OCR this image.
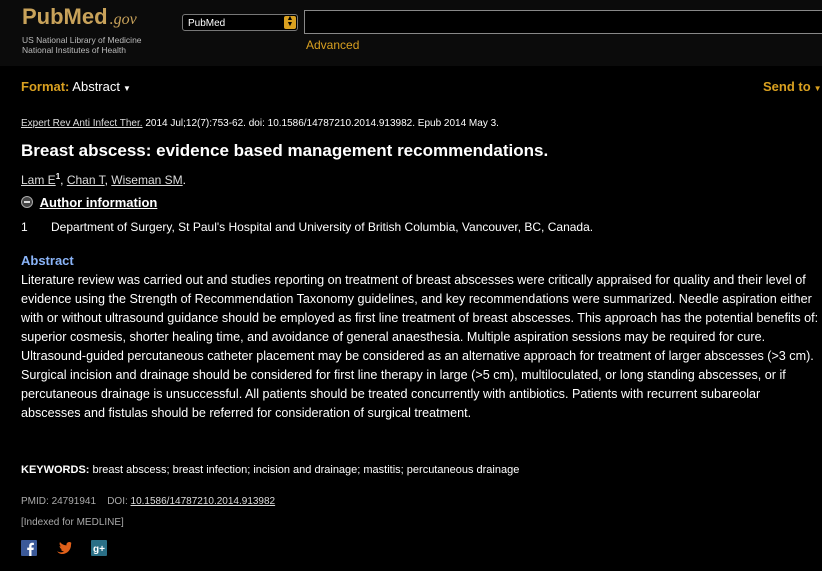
PubMed .gov
US National Library of Medicine
National Institutes of Health
PubMed	▲
▼
Advanced
Format: Abstract ▼	Send to ▼
Expert Rev Anti Infect Ther. 2014 Jul;12(7):753-62. doi: 10.1586/14787210.2014.913982. Epub 2014 May 3.
Breast abscess: evidence based management recommendations.
Lam $E^1$, Chan T, Wiseman SM.
Author information
1 Department of Surgery, St Paul's Hospital and University of British Columbia, Vancouver, BC, Canada.
Abstract
Literature review was carried out and studies reporting on treatment of breast abscesses were critically appraised for quality and their level of evidence using the Strength of Recommendation Taxonomy guidelines, and key recommendations were summarized. Needle aspiration either with or without ultrasound guidance should be employed as first line treatment of breast abscesses. This approach has the potential benefits of: superior cosmesis, shorter healing time, and avoidance of general anaesthesia. Multiple aspiration sessions may be required for cure. Ultrasound-guided percutaneous catheter placement may be considered as an alternative approach for treatment of larger abscesses (>3 cm). Surgical incision and drainage should be considered for first line therapy in large (>5 cm), multiloculated, or long standing abscesses, or if percutaneous drainage is unsuccessful. All patients should be treated concurrently with antibiotics. Patients with recurrent subareolar abscesses and fistulas should be referred for consideration of surgical treatment.
KEYWORDS: breast abscess; breast infection; incision and drainage; mastitis; percutaneous drainage
PMID: 24791941 DOI: 10.1586/14787210.2014.913982
[Indexed for MEDLINE]
g+
